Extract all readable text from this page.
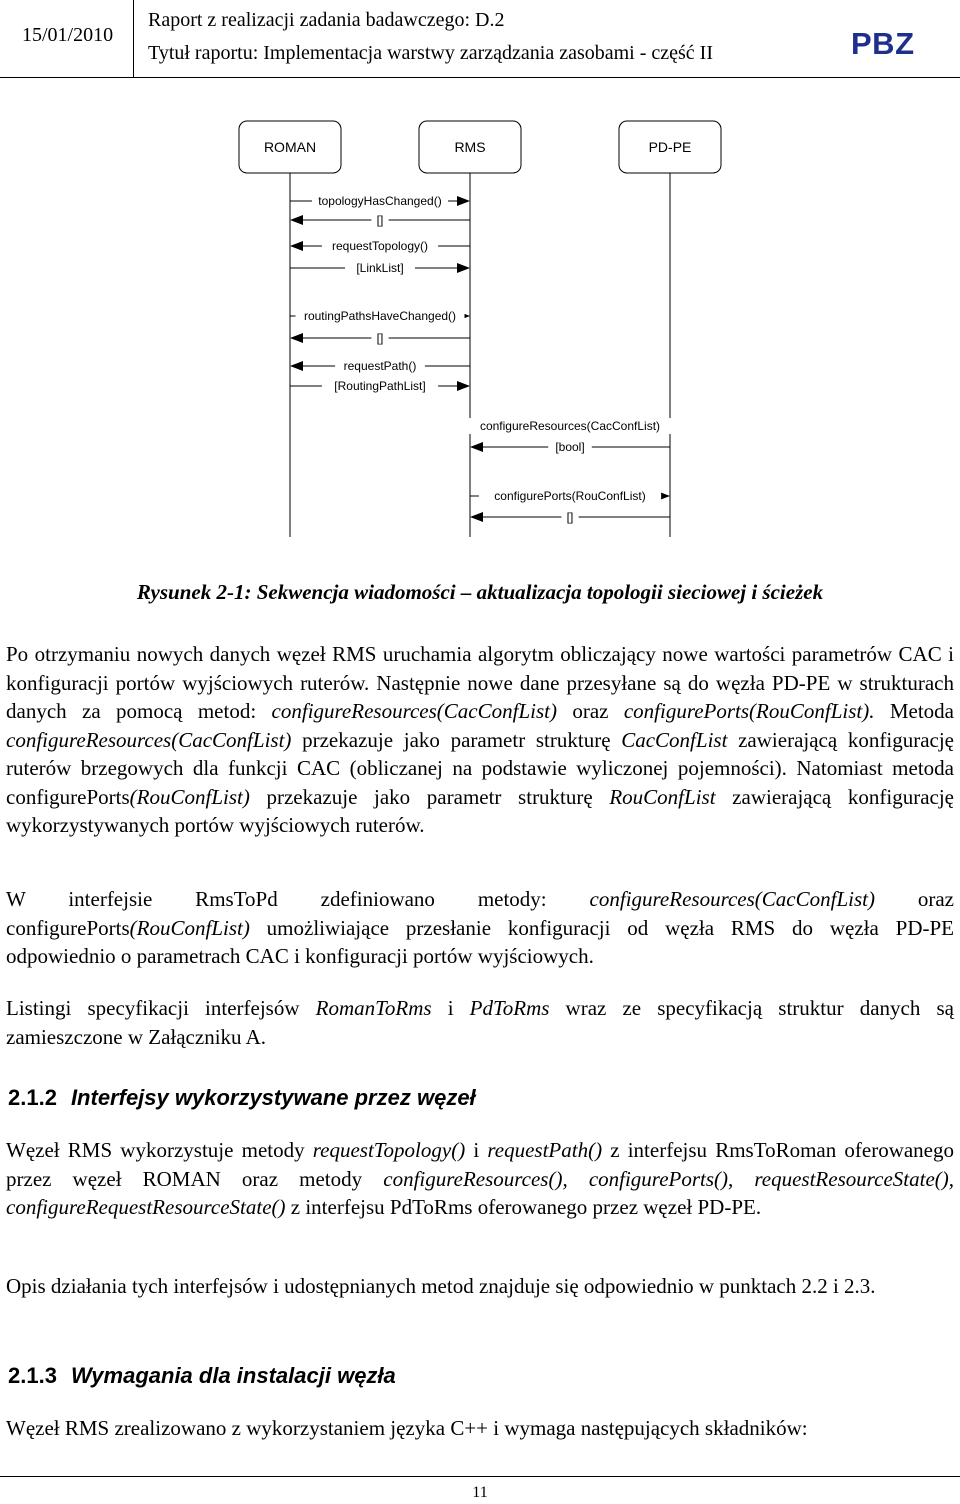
15/01/2010
Raport z realizacji zadania badawczego: D.2
Tytuł raportu: Implementacja warstwy zarządzania zasobami - część II	PBZ
ROMAN	RMS	PD-PE
topologyHasChanged()
[]
requestTopology()
[LinkList]
routingPathsHaveChanged()
[]
requestPath()
[RoutingPathList]
configureResources(CacConfList)
[bool]
configurePorts(RouConfList)
[]
Rysunek 2-1: Sekwencja wiadomości – aktualizacja topologii sieciowej i ścieżek
Po otrzymaniu nowych danych węzeł RMS uruchamia algorytm obliczający nowe wartości parametrów CAC i konfiguracji portów wyjściowych ruterów. Następnie nowe dane przesyłane są do węzła PD-PE w strukturach danych za pomocą metod: configureResources(CacConfList) oraz configurePorts(RouConfList). Metoda configureResources(CacConfList) przekazuje jako parametr strukturę CacConfList zawierającą konfigurację ruterów brzegowych dla funkcji CAC (obliczanej na podstawie wyliczonej pojemności). Natomiast metoda configurePorts(RouConfList) przekazuje jako parametr strukturę RouConfList zawierającą konfigurację wykorzystywanych portów wyjściowych ruterów.
W interfejsie RmsToPd zdefiniowano metody: configureResources(CacConfList) oraz configurePorts(RouConfList) umożliwiające przesłanie konfiguracji od węzła RMS do węzła PD-PE odpowiednio o parametrach CAC i konfiguracji portów wyjściowych.
Listingi specyfikacji interfejsów RomanToRms i PdToRms wraz ze specyfikacją struktur danych są zamieszczone w Załączniku A.
2.1.2 Interfejsy wykorzystywane przez węzeł
Węzeł RMS wykorzystuje metody requestTopology() i requestPath() z interfejsu RmsToRoman oferowanego przez węzeł ROMAN oraz metody configureResources(), configurePorts(), requestResourceState(), configureRequestResourceState() z interfejsu PdToRms oferowanego przez węzeł PD-PE.
Opis działania tych interfejsów i udostępnianych metod znajduje się odpowiednio w punktach 2.2 i 2.3.
2.1.3 Wymagania dla instalacji węzła
Węzeł RMS zrealizowano z wykorzystaniem języka C++ i wymaga następujących składników:
11
